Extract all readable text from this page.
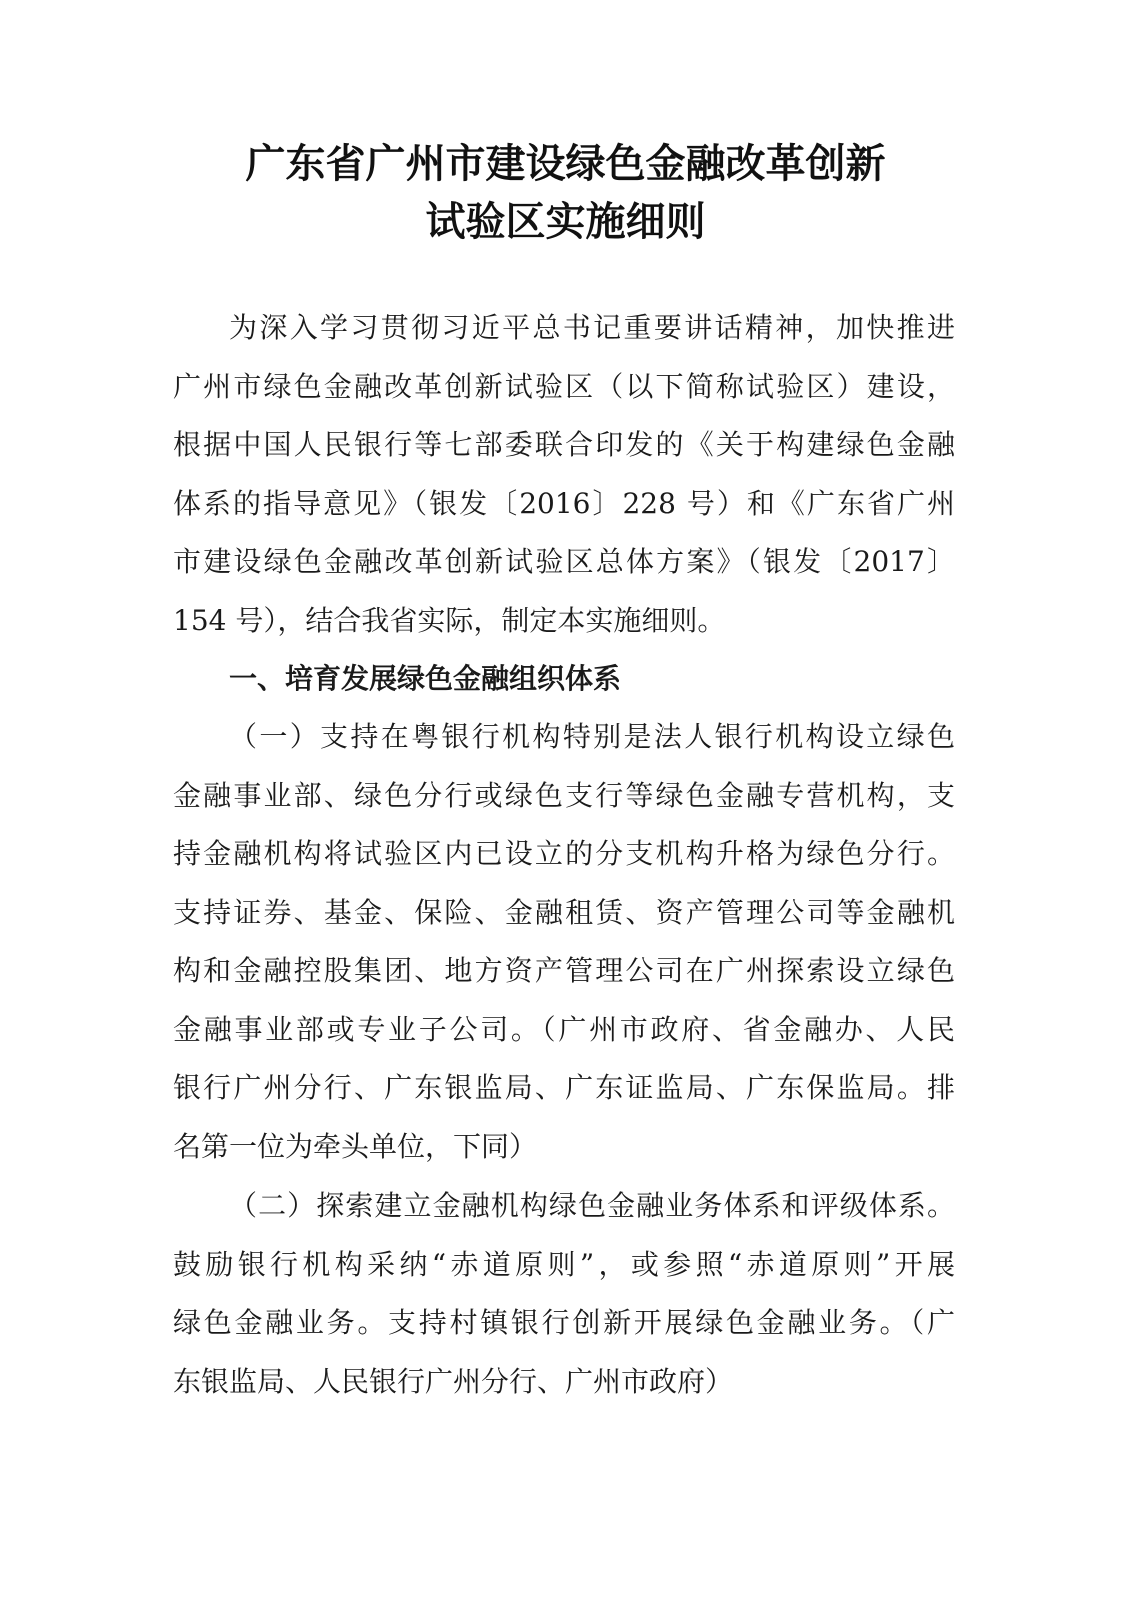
广东省广州市建设绿色金融改革创新
试验区实施细则
为深入学习贯彻习近平总书记重要讲话精神，加快推进
广州市绿色金融改革创新试验区（以下简称试验区）建设，
根据中国人民银行等七部委联合印发的《关于构建绿色金融
体系的指导意见》（银发〔2016〕228 号）和《广东省广州
市建设绿色金融改革创新试验区总体方案》（银发〔2017〕
154 号），结合我省实际，制定本实施细则。
一、培育发展绿色金融组织体系
（一）支持在粤银行机构特别是法人银行机构设立绿色
金融事业部、绿色分行或绿色支行等绿色金融专营机构，支
持金融机构将试验区内已设立的分支机构升格为绿色分行。
支持证券、基金、保险、金融租赁、资产管理公司等金融机
构和金融控股集团、地方资产管理公司在广州探索设立绿色
金融事业部或专业子公司。（广州市政府、省金融办、人民
银行广州分行、广东银监局、广东证监局、广东保监局。排
名第一位为牵头单位，下同）
（二）探索建立金融机构绿色金融业务体系和评级体系。
鼓励银行机构采纳“赤道原则”，或参照“赤道原则”开展
绿色金融业务。支持村镇银行创新开展绿色金融业务。（广
东银监局、人民银行广州分行、广州市政府）
